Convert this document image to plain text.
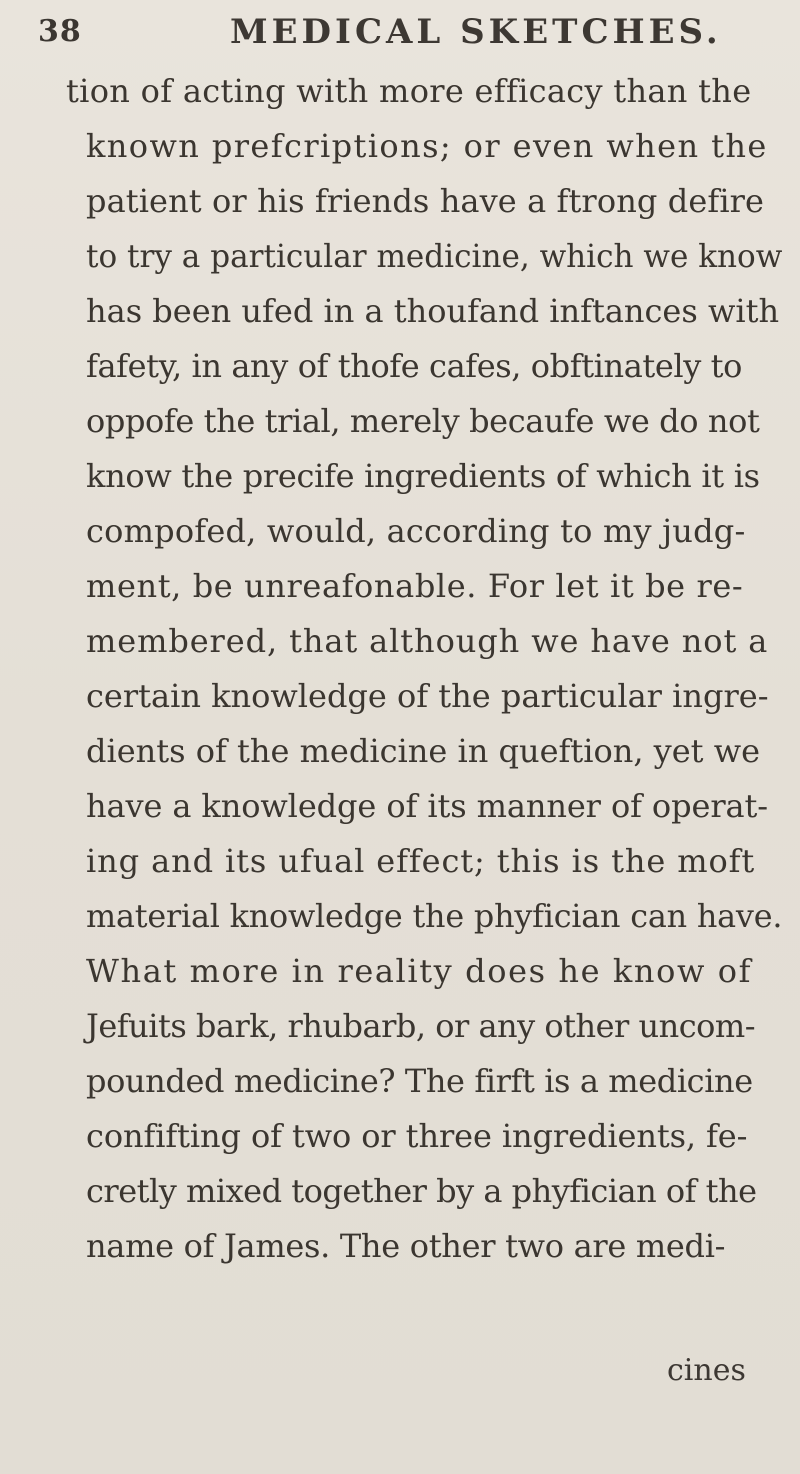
38	MEDICAL SKETCHES.
tion of acting with more efficacy than the
known prefcriptions; or even when the
patient or his friends have a ftrong defire
to try a particular medicine, which we know
has been ufed in a thoufand inftances with
fafety, in any of thofe cafes, obftinately to
oppofe the trial, merely becaufe we do not
know the precife ingredients of which it is
compofed, would, according to my judg-
ment, be unreafonable. For let it be re-
membered, that although we have not a
certain knowledge of the particular ingre-
dients of the medicine in queftion, yet we
have a knowledge of its manner of operat-
ing and its ufual effect; this is the moft
material knowledge the phyfician can have.
What more in reality does he know of
Jefuits bark, rhubarb, or any other uncom-
pounded medicine? The firft is a medicine
confifting of two or three ingredients, fe-
cretly mixed together by a phyfician of the
name of James. The other two are medi-
cines
